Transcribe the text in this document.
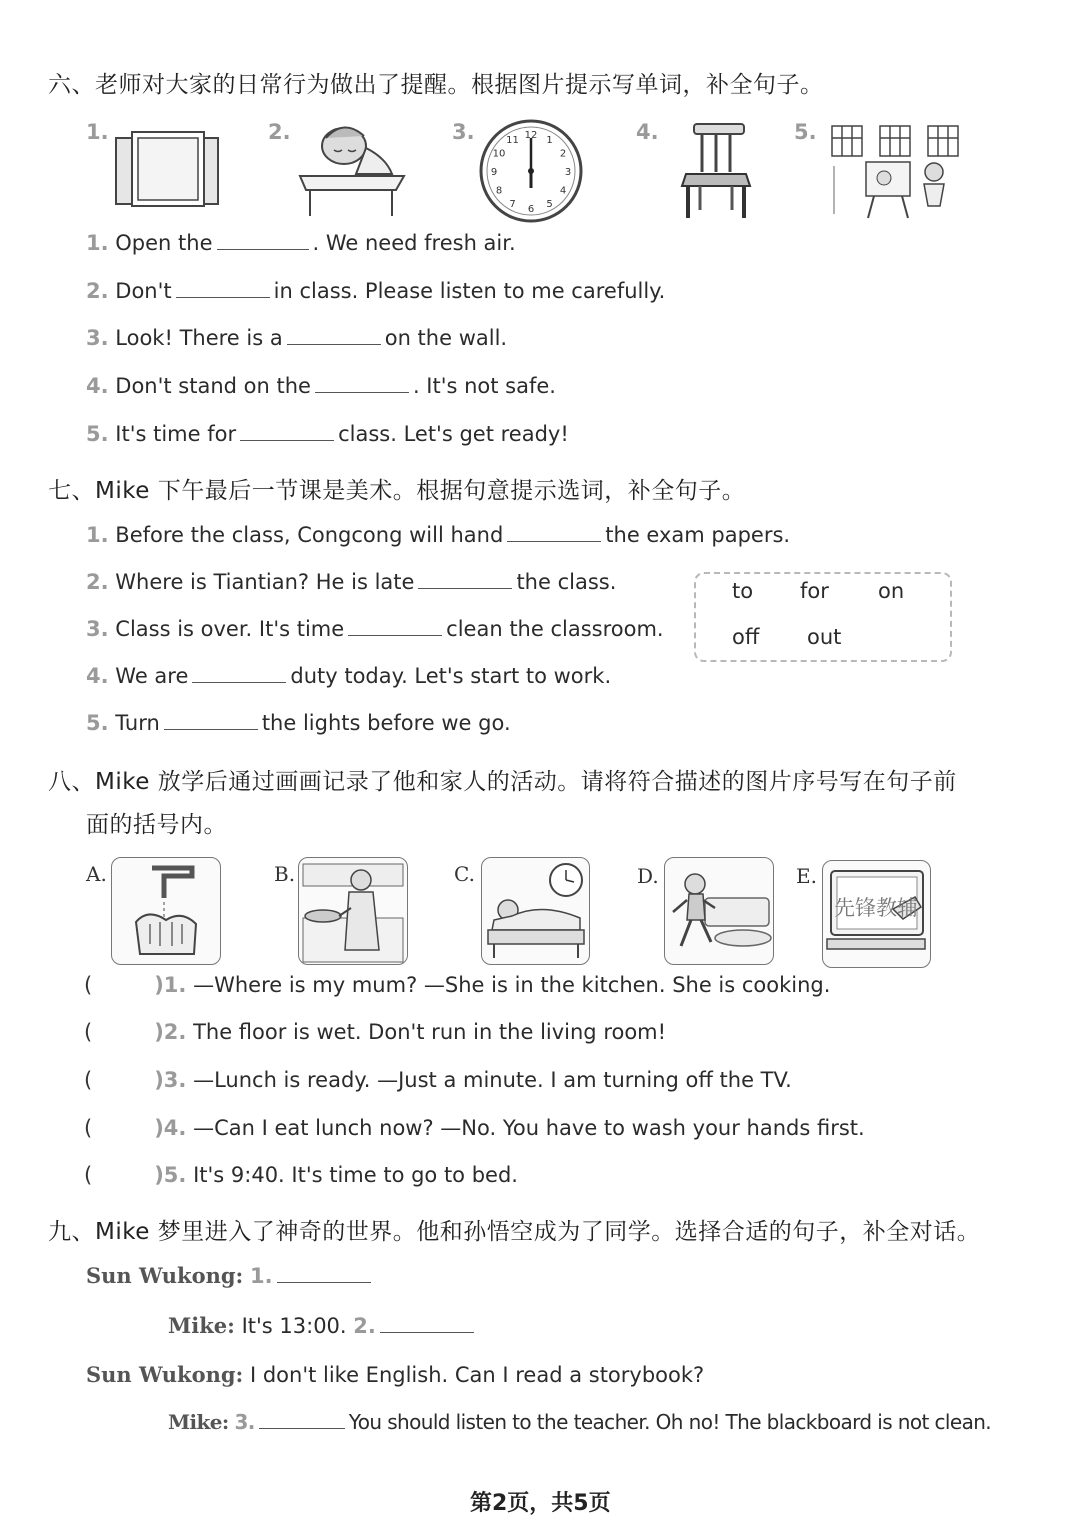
六、老师对大家的日常行为做出了提醒。根据图片提示写单词，补全句子。
1.	2.	3.	4.	5.
12 1
2
3
4
5
6
7
8
9
10
11
1. Open the	. We need fresh air.
2. Don't	in class. Please listen to me carefully.
3. Look! There is a	on the wall.
4. Don't stand on the	. It's not safe.
5. It's time for	class. Let's get ready!
七、Mike 下午最后一节课是美术。根据句意提示选词，补全句子。
1. Before the class, Congcong will hand	the exam papers.
2. Where is Tiantian? He is late	the class.
3. Class is over. It's time	clean the classroom.
4. We are	duty today. Let's start to work.
5. Turn	the lights before we go.
to for on
off out
八、Mike 放学后通过画画记录了他和家人的活动。请将符合描述的图片序号写在句子前
面的括号内。
A.	B.	C.	D.	E.
先锋教辅
(	)1. —Where is my mum? —She is in the kitchen. She is cooking.
(	)2. The floor is wet. Don't run in the living room!
(	)3. —Lunch is ready. —Just a minute. I am turning off the TV.
(	)4. —Can I eat lunch now? —No. You have to wash your hands first.
(	)5. It's 9:40. It's time to go to bed.
九、Mike 梦里进入了神奇的世界。他和孙悟空成为了同学。选择合适的句子，补全对话。
Sun Wukong: 1.
Mike: It's 13:00. 2.
Sun Wukong: I don't like English. Can I read a storybook?
Mike: 3.	You should listen to the teacher. Oh no! The blackboard is not clean.
第2页，共5页
